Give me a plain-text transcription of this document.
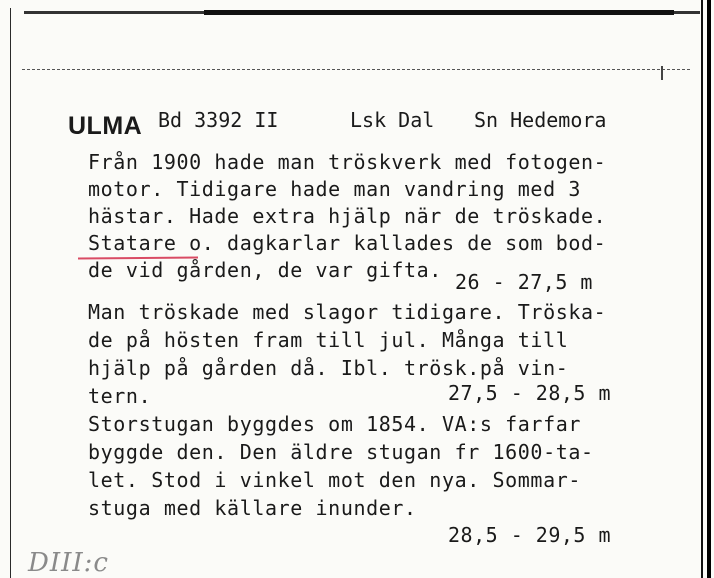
ULMA Bd 3392 II	Lsk Dal Sn Hedemora
Från 1900 hade man tröskverk med fotogen-
motor. Tidigare hade man vandring med 3
hästar. Hade extra hjälp när de tröskade.
Statare o. dagkarlar kallades de som bod-
de vid gården, de var gifta. 26 - 27,5 m
Man tröskade med slagor tidigare. Tröska-
de på hösten fram till jul. Många till
hjälp på gården då. Ibl. trösk.på vin-
tern.	27,5 - 28,5 m
Storstugan byggdes om 1854. VA:s farfar
byggde den. Den äldre stugan fr 1600-ta-
let. Stod i vinkel mot den nya. Sommar-
stuga med källare inunder.
28,5 - 29,5 m
DIII:c
